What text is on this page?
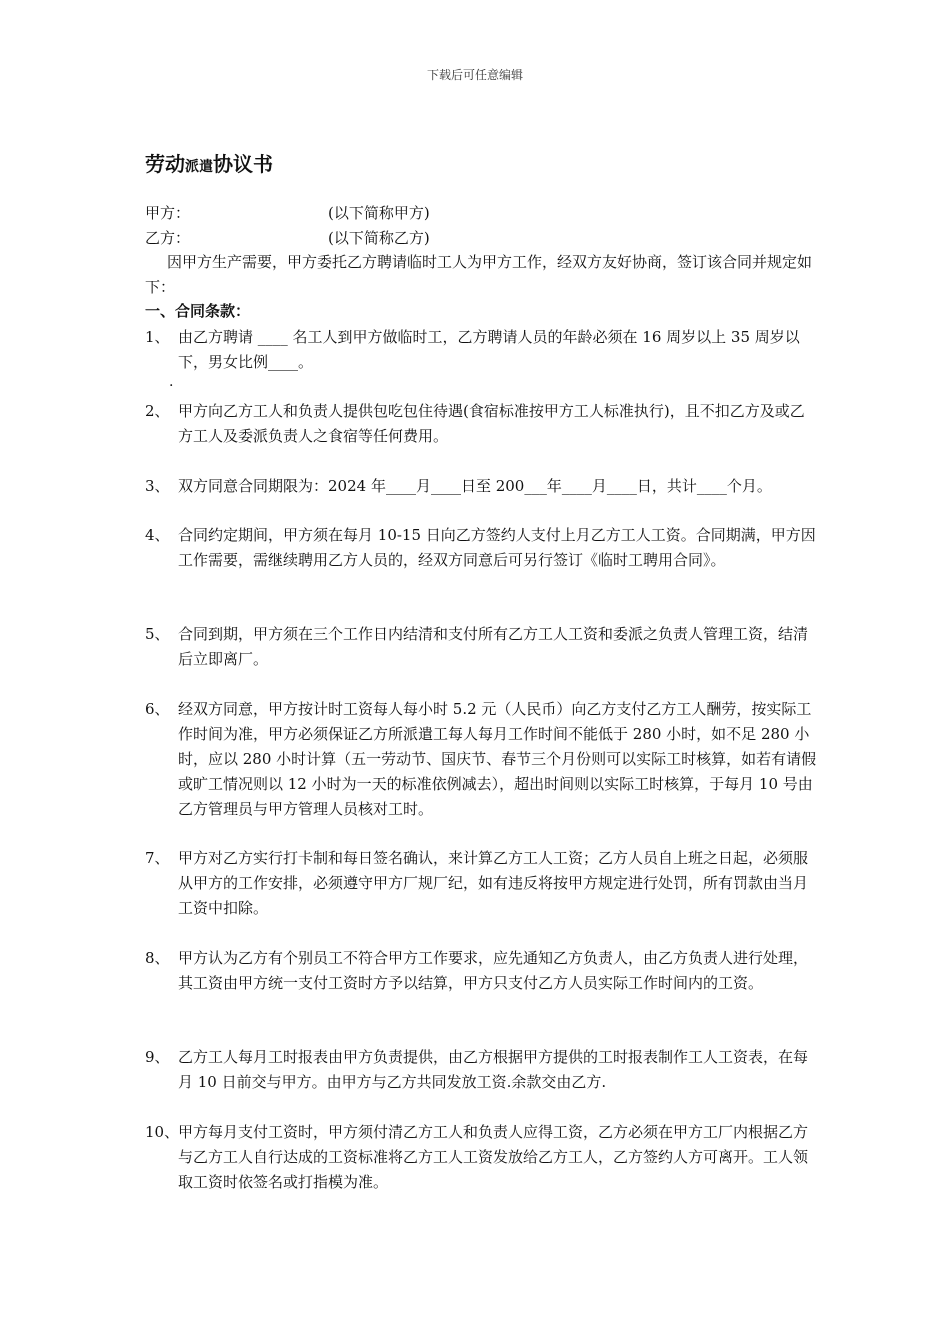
下载后可任意编辑
劳动派遣协议书
甲方：	(以下简称甲方)
乙方：	(以下简称乙方)
因甲方生产需要，甲方委托乙方聘请临时工人为甲方工作，经双方友好协商，签订该合同并规定如下：
一、合同条款：
1、 由乙方聘请 ____ 名工人到甲方做临时工，乙方聘请人员的年龄必须在 16 周岁以上 35 周岁以下，男女比例____。
.
2、 甲方向乙方工人和负责人提供包吃包住待遇(食宿标准按甲方工人标准执行)，且不扣乙方及或乙方工人及委派负责人之食宿等任何费用。
3、 双方同意合同期限为：2024 年____月____日至 200___年____月____日，共计____个月。
4、 合同约定期间，甲方须在每月 10-15 日向乙方签约人支付上月乙方工人工资。合同期满，甲方因工作需要，需继续聘用乙方人员的，经双方同意后可另行签订《临时工聘用合同》。
5、 合同到期，甲方须在三个工作日内结清和支付所有乙方工人工资和委派之负责人管理工资，结清后立即离厂。
6、 经双方同意，甲方按计时工资每人每小时 5.2 元（人民币）向乙方支付乙方工人酬劳，按实际工作时间为准，甲方必须保证乙方所派遣工每人每月工作时间不能低于 280 小时，如不足 280 小时，应以 280 小时计算（五一劳动节、国庆节、春节三个月份则可以实际工时核算，如若有请假或旷工情况则以 12 小时为一天的标准依例减去），超出时间则以实际工时核算，于每月 10 号由乙方管理员与甲方管理人员核对工时。
7、 甲方对乙方实行打卡制和每日签名确认，来计算乙方工人工资；乙方人员自上班之日起，必须服从甲方的工作安排，必须遵守甲方厂规厂纪，如有违反将按甲方规定进行处罚，所有罚款由当月工资中扣除。
8、 甲方认为乙方有个别员工不符合甲方工作要求，应先通知乙方负责人，由乙方负责人进行处理，其工资由甲方统一支付工资时方予以结算，甲方只支付乙方人员实际工作时间内的工资。
9、 乙方工人每月工时报表由甲方负责提供，由乙方根据甲方提供的工时报表制作工人工资表，在每月 10 日前交与甲方。由甲方与乙方共同发放工资.余款交由乙方.
10、
甲方每月支付工资时，甲方须付清乙方工人和负责人应得工资，乙方必须在甲方工厂内根据乙方与乙方工人自行达成的工资标准将乙方工人工资发放给乙方工人，乙方签约人方可离开。工人领取工资时依签名或打指模为准。
